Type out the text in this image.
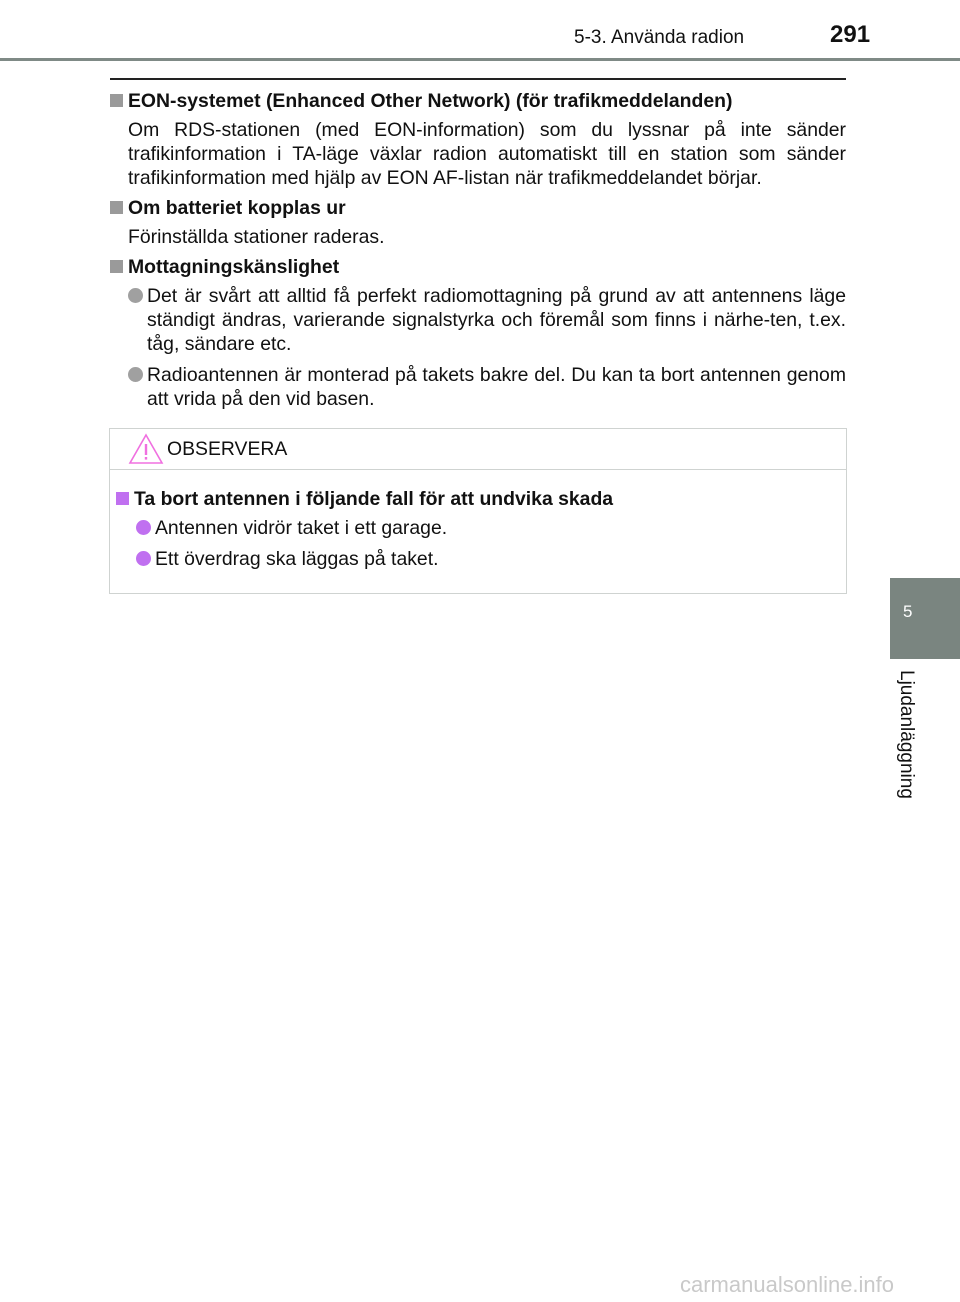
5-3. Använda radion	291
5
Ljudanläggning
EON-systemet (Enhanced Other Network) (för trafikmeddelanden)
Om RDS-stationen (med EON-information) som du lyssnar på inte sänder trafikinformation i TA-läge växlar radion automatiskt till en station som sänder trafikinformation med hjälp av EON AF-listan när trafikmeddelandet börjar.
Om batteriet kopplas ur
Förinställda stationer raderas.
Mottagningskänslighet
Det är svårt att alltid få perfekt radiomottagning på grund av att antennens läge ständigt ändras, varierande signalstyrka och föremål som finns i närhe-ten, t.ex. tåg, sändare etc.
Radioantennen är monterad på takets bakre del. Du kan ta bort antennen genom att vrida på den vid basen.
OBSERVERA
Ta bort antennen i följande fall för att undvika skada
Antennen vidrör taket i ett garage.
Ett överdrag ska läggas på taket.
carmanualsonline.info
